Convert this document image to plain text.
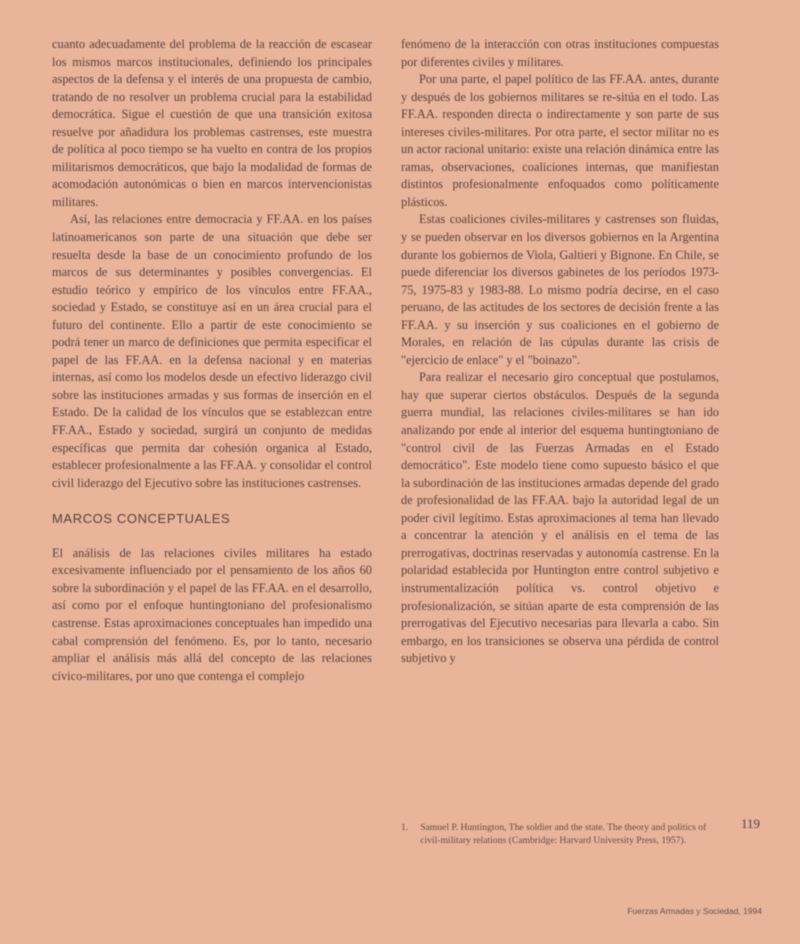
cuanto adecuadamente del problema de la reacción de escasear los mismos marcos institucionales, definiendo los principales aspectos de la defensa y el interés de una propuesta de cambio, tratando de no resolver un problema crucial para la estabilidad democrática. Sigue el cuestión de que una transición exitosa resuelve por añadidura los problemas castrenses, este muestra de política al poco tiempo se ha vuelto en contra de los propios militarismos democráticos, que bajo la modalidad de formas de acomodación autonómicas o bien en marcos intervencionistas militares.

Así, las relaciones entre democracia y FF.AA. en los países latinoamericanos son parte de una situación que debe ser resuelta desde la base de un conocimiento profundo de los marcos de sus determinantes y posibles convergencias. El estudio teórico y empírico de los vínculos entre FF.AA., sociedad y Estado, se constituye así en un área crucial para el futuro del continente. Ello a partir de este conocimiento se podrá tener un marco de definiciones que permita especificar el papel de las FF.AA. en la defensa nacional y en materias internas, así como los modelos desde un efectivo liderazgo civil sobre las instituciones armadas y sus formas de inserción en el Estado. De la calidad de los vínculos que se establezcan entre FF.AA., Estado y sociedad, surgirá un conjunto de medidas específicas que permita dar cohesión organica al Estado, establecer profesionalmente a las FF.AA. y consolidar el control civil liderazgo del Ejecutivo sobre las instituciones castrenses.

MARCOS CONCEPTUALES

El análisis de las relaciones civiles militares ha estado excesivamente influenciado por el pensamiento de los años 60 sobre la subordinación y el papel de las FF.AA. en el desarrollo, así como por el enfoque huntingtoniano del profesionalismo castrense. Estas aproximaciones conceptuales han impedido una cabal comprensión del fenómeno. Es, por lo tanto, necesario ampliar el análisis más allá del concepto de las relaciones cívico-militares, por uno que contenga el complejo

fenómeno de la interacción con otras instituciones compuestas por diferentes civiles y militares.

Por una parte, el papel político de las FF.AA. antes, durante y después de los gobiernos militares se re-sitúa en el todo. Las FF.AA. responden directa o indirectamente y son parte de sus intereses civiles-militares. Por otra parte, el sector militar no es un actor racional unitario: existe una relación dinámica entre las ramas, observaciones, coaliciones internas, que manifiestan distintos profesionalmente enfoquados como políticamente plásticos.

Estas coaliciones civiles-militares y castrenses son fluidas, y se pueden observar en los diversos gobiernos en la Argentina durante los gobiernos de Viola, Galtieri y Bignone. En Chile, se puede diferenciar los diversos gabinetes de los períodos 1973-75, 1975-83 y 1983-88. Lo mismo podría decirse, en el caso peruano, de las actitudes de los sectores de decisión frente a las FF.AA. y su inserción y sus coaliciones en el gobierno de Morales, en relación de las cúpulas durante las crisis de "ejercicio de enlace" y el "boinazo".

Para realizar el necesario giro conceptual que postulamos, hay que superar ciertos obstáculos. Después de la segunda guerra mundial, las relaciones civiles-militares se han ido analizando por ende al interior del esquema huntingtoniano de "control civil de las Fuerzas Armadas en el Estado democrático". Este modelo tiene como supuesto básico el que la subordinación de las instituciones armadas depende del grado de profesionalidad de las FF.AA. bajo la autoridad legal de un poder civil legítimo. Estas aproximaciones al tema han llevado a concentrar la atención y el análisis en el tema de las prerrogativas, doctrinas reservadas y autonomía castrense. En la polaridad establecida por Huntington entre control subjetivo e instrumentalización política vs. control objetivo e profesionalización, se sitúan aparte de esta comprensión de las prerrogativas del Ejecutivo necesarias para llevarla a cabo. Sin embargo, en los transiciones se observa una pérdida de control subjetivo y

1. Samuel P. Huntington, The soldier and the state. The theory and politics of civil-military relations (Cambridge: Harvard University Press, 1957).
119
Fuerzas Armadas y Sociedad, 1994
